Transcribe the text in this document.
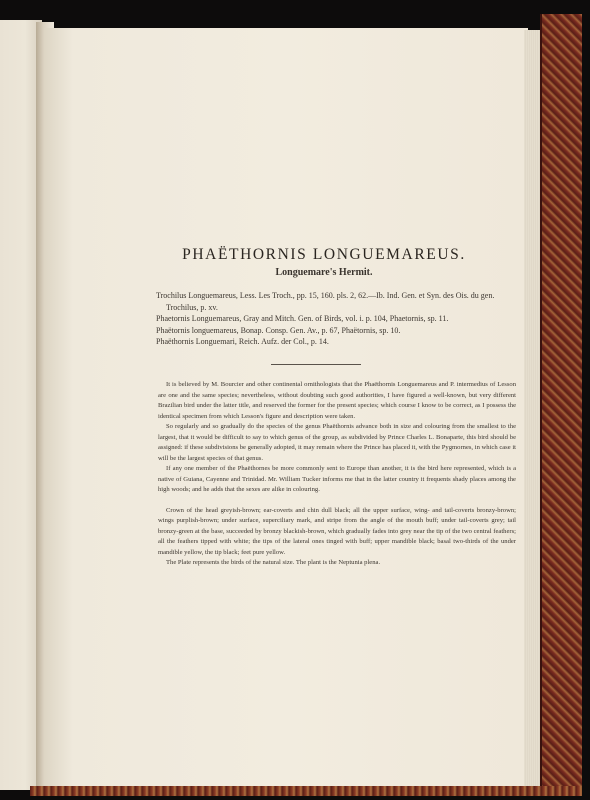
PHAËTHORNIS LONGUEMAREUS.
Longuemare's Hermit.

Trochilus Longuemareus, Less. Les Troch., pp. 15, 160. pls. 2, 62.—Ib. Ind. Gen. et Syn. des Ois. du gen. Trochilus, p. xv.

Phaetornis Longuemareus, Gray and Mitch. Gen. of Birds, vol. i. p. 104, Phaetornis, sp. 11.

Phaëtornis longuemareus, Bonap. Consp. Gen. Av., p. 67, Phaëtornis, sp. 10.

Phaëthornis Longuemari, Reich. Aufz. der Col., p. 14.

It is believed by M. Bourcier and other continental ornithologists that the Phaëthornis Longuemareus and P. intermedius of Lesson are one and the same species; nevertheless, without doubting such good authorities, I have figured a well-known, but very different Brazilian bird under the latter title, and reserved the former for the present species; which course I know to be correct, as I possess the identical specimen from which Lesson's figure and description were taken.

So regularly and so gradually do the species of the genus Phaëthornis advance both in size and colouring from the smallest to the largest, that it would be difficult to say to which genus of the group, as subdivided by Prince Charles L. Bonaparte, this bird should be assigned: if these subdivisions be generally adopted, it may remain where the Prince has placed it, with the Pygmornes, in which case it will be the largest species of that genus.

If any one member of the Phaëthornes be more commonly sent to Europe than another, it is the bird here represented, which is a native of Guiana, Cayenne and Trinidad. Mr. William Tucker informs me that in the latter country it frequents shady places among the high woods; and he adds that the sexes are alike in colouring.

Crown of the head greyish-brown; ear-coverts and chin dull black; all the upper surface, wing- and tail-coverts bronzy-brown; wings purplish-brown; under surface, superciliary mark, and stripe from the angle of the mouth buff; under tail-coverts grey; tail bronzy-green at the base, succeeded by bronzy blackish-brown, which gradually fades into grey near the tip of the two central feathers; all the feathers tipped with white; the tips of the lateral ones tinged with buff; upper mandible black; basal two-thirds of the under mandible yellow, the tip black; feet pure yellow.

The Plate represents the birds of the natural size. The plant is the Neptunia plena.
